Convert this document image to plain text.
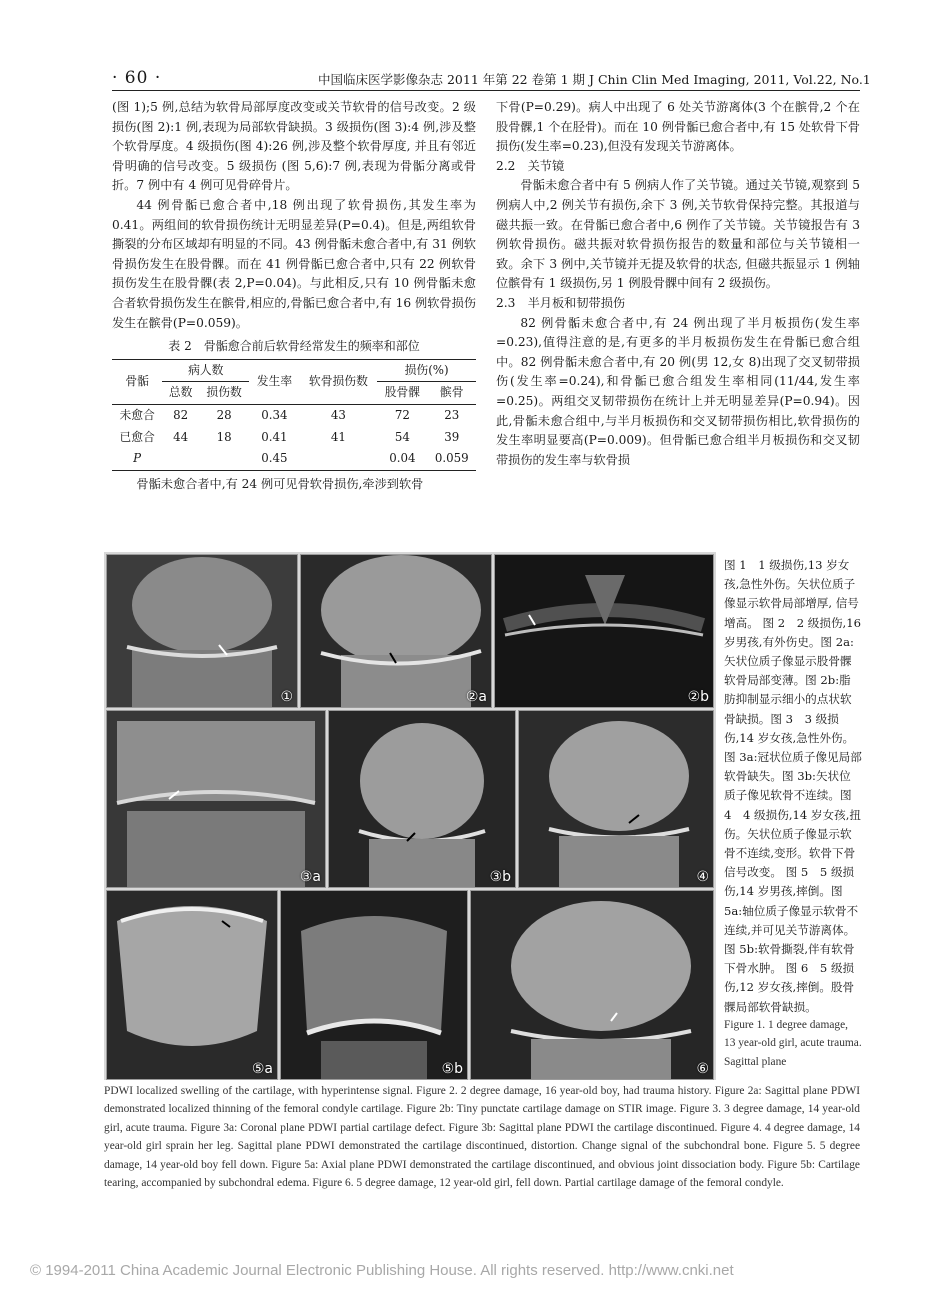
· 60 ·	中国临床医学影像杂志 2011 年第 22 卷第 1 期 J Chin Clin Med Imaging, 2011, Vol.22, No.1

(图 1);5 例,总结为软骨局部厚度改变或关节软骨的信号改变。2 级损伤(图 2):1 例,表现为局部软骨缺损。3 级损伤(图 3):4 例,涉及整个软骨厚度。4 级损伤(图 4):26 例,涉及整个软骨厚度, 并且有邻近骨明确的信号改变。5 级损伤 (图 5,6):7 例,表现为骨骺分离或骨折。7 例中有 4 例可见骨碎骨片。

44 例骨骺已愈合者中,18 例出现了软骨损伤,其发生率为 0.41。两组间的软骨损伤统计无明显差异(P=0.4)。但是,两组软骨撕裂的分布区域却有明显的不同。43 例骨骺未愈合者中,有 31 例软骨损伤发生在股骨髁。而在 41 例骨骺已愈合者中,只有 22 例软骨损伤发生在股骨髁(表 2,P=0.04)。与此相反,只有 10 例骨骺未愈合者软骨损伤发生在髌骨,相应的,骨骺已愈合者中,有 16 例软骨损伤发生在髌骨(P=0.059)。

表 2　骨骺愈合前后软骨经常发生的频率和部位
骨骺	病人数		发生率	软骨损伤数	损伤(%)	
	总数	损伤数			股骨髁	髌骨
未愈合	82	28	0.34	43	72	23
已愈合	44	18	0.41	41	54	39
P			0.45		0.04	0.059

骨骺未愈合者中,有 24 例可见骨软骨损伤,牵涉到软骨

下骨(P=0.29)。病人中出现了 6 处关节游离体(3 个在髌骨,2 个在股骨髁,1 个在胫骨)。而在 10 例骨骺已愈合者中,有 15 处软骨下骨损伤(发生率=0.23),但没有发现关节游离体。

2.2　关节镜

骨骺未愈合者中有 5 例病人作了关节镜。通过关节镜,观察到 5 例病人中,2 例关节有损伤,余下 3 例,关节软骨保持完整。其报道与磁共振一致。在骨骺已愈合者中,6 例作了关节镜。关节镜报告有 3 例软骨损伤。磁共振对软骨损伤报告的数量和部位与关节镜相一致。余下 3 例中,关节镜并无提及软骨的状态, 但磁共振显示 1 例轴位髌骨有 1 级损伤,另 1 例股骨髁中间有 2 级损伤。

2.3　半月板和韧带损伤

82 例骨骺未愈合者中,有 24 例出现了半月板损伤(发生率=0.23),值得注意的是,有更多的半月板损伤发生在骨骺已愈合组中。82 例骨骺未愈合者中,有 20 例(男 12,女 8)出现了交叉韧带损伤(发生率=0.24),和骨骺已愈合组发生率相同(11/44,发生率=0.25)。两组交叉韧带损伤在统计上并无明显差异(P=0.94)。因此,骨骺未愈合组中,与半月板损伤和交叉韧带损伤相比,软骨损伤的发生率明显要高(P=0.009)。但骨骺已愈合组半月板损伤和交叉韧带损伤的发生率与软骨损

①	②a	②b
③a	③b	④
⑤a	⑤b	⑥
图 1　1 级损伤,13 岁女孩,急性外伤。矢状位质子像显示软骨局部增厚, 信号增高。 图 2　2 级损伤,16 岁男孩,有外伤史。图 2a:矢状位质子像显示股骨髁软骨局部变薄。图 2b:脂肪抑制显示细小的点状软骨缺损。图 3　3 级损伤,14 岁女孩,急性外伤。图 3a:冠状位质子像见局部软骨缺失。图 3b:矢状位质子像见软骨不连续。图 4　4 级损伤,14 岁女孩,扭伤。矢状位质子像显示软骨不连续,变形。软骨下骨信号改变。 图 5　5 级损伤,14 岁男孩,摔倒。图 5a:轴位质子像显示软骨不连续,并可见关节游离体。图 5b:软骨撕裂,伴有软骨下骨水肿。 图 6　5 级损伤,12 岁女孩,摔倒。股骨髁局部软骨缺损。
Figure 1. 1 degree damage, 13 year-old girl, acute trauma. Sagittal plane
PDWI localized swelling of the cartilage, with hyperintense signal. Figure 2. 2 degree damage, 16 year-old boy, had trauma history. Figure 2a: Sagittal plane PDWI demonstrated localized thinning of the femoral condyle cartilage. Figure 2b: Tiny punctate cartilage damage on STIR image. Figure 3. 3 degree damage, 14 year-old girl, acute trauma. Figure 3a: Coronal plane PDWI partial cartilage defect. Figure 3b: Sagittal plane PDWI the cartilage discontinued. Figure 4. 4 degree damage, 14 year-old girl sprain her leg. Sagittal plane PDWI demonstrated the cartilage discontinued, distortion. Change signal of the subchondral bone. Figure 5. 5 degree damage, 14 year-old boy fell down. Figure 5a: Axial plane PDWI demonstrated the cartilage discontinued, and obvious joint dissociation body. Figure 5b: Cartilage tearing, accompanied by subchondral edema. Figure 6. 5 degree damage, 12 year-old girl, fell down. Partial cartilage damage of the femoral condyle.
© 1994-2011 China Academic Journal Electronic Publishing House. All rights reserved. http://www.cnki.net
